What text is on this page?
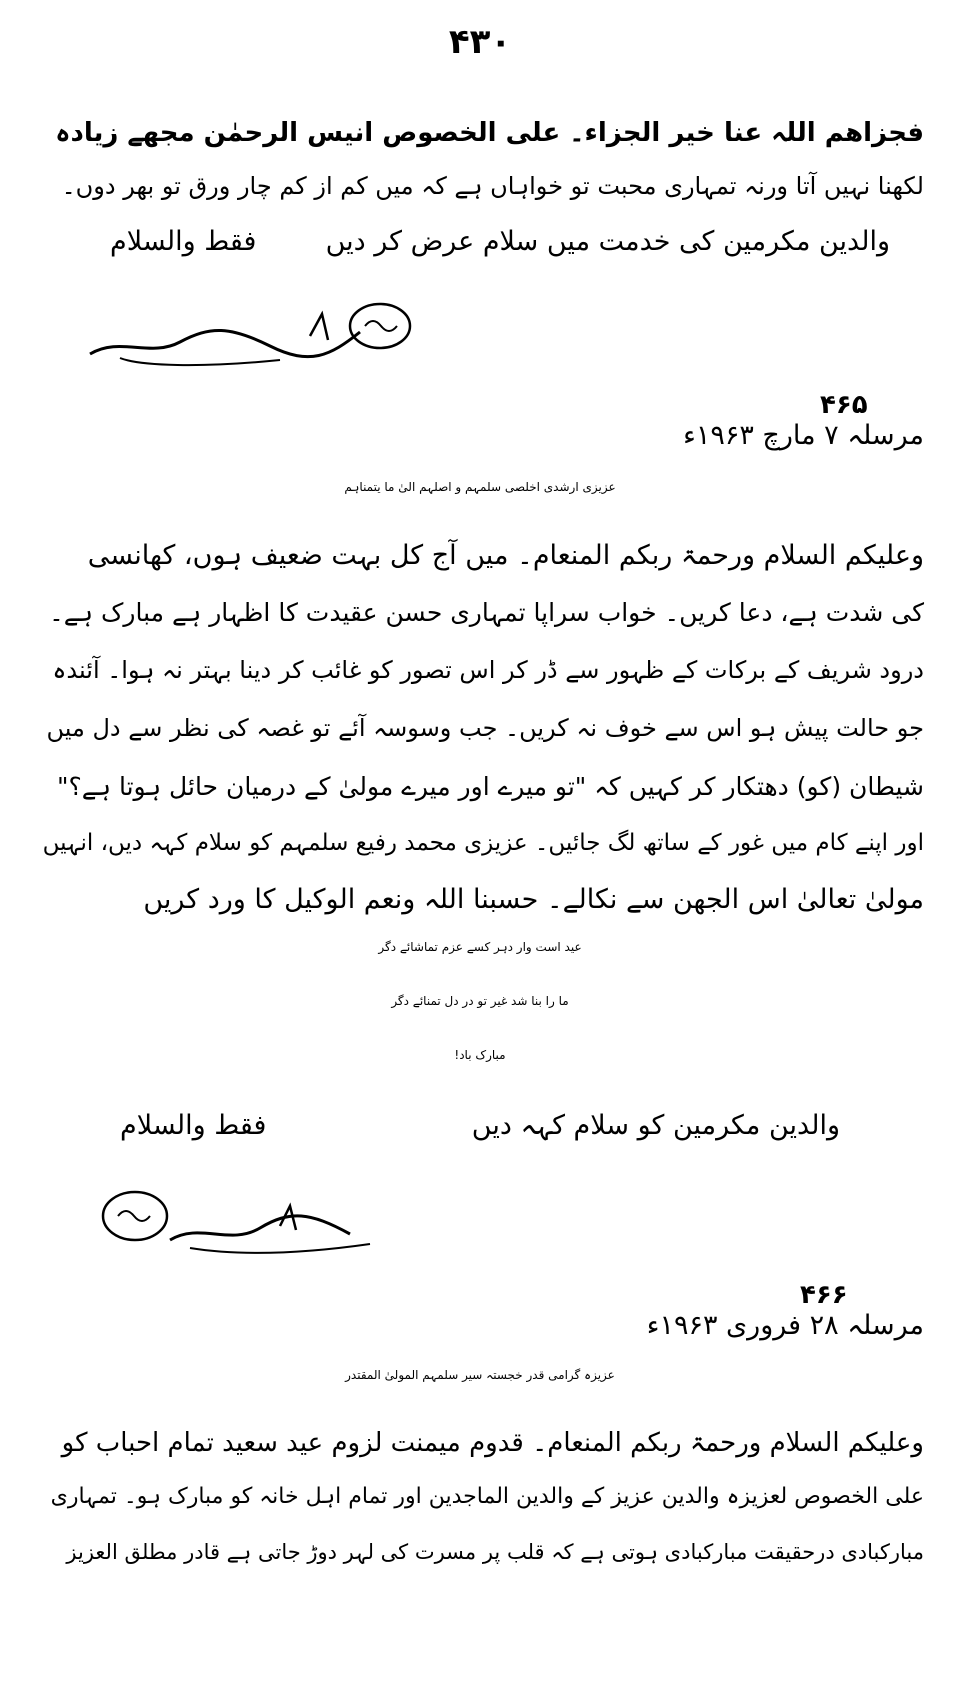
۴۳۰
فجزاھم اللہ عنا خیر الجزاء۔ علی الخصوص انیس الرحمٰن مجھے زیادہ
لکھنا نہیں آتا ورنہ تمہاری محبت تو خواہاں ہے کہ میں کم از کم چار ورق تو بھر دوں۔
والدین مکرمین کی خدمت میں سلام عرض کر دیں
فقط والسلام
۴۶۵
مرسلہ ۷ مارچ ۱۹۶۳ء
عزیزی ارشدی اخلصی سلمہم و اصلہم الیٰ ما یتمناہم
وعلیکم السلام ورحمۃ ربکم المنعام۔ میں آج کل بہت ضعیف ہوں، کھانسی
کی شدت ہے، دعا کریں۔ خواب سراپا تمہاری حسن عقیدت کا اظہار ہے مبارک ہے۔
درود شریف کے برکات کے ظہور سے ڈر کر اس تصور کو غائب کر دینا بہتر نہ ہوا۔ آئندہ
جو حالت پیش ہو اس سے خوف نہ کریں۔ جب وسوسہ آئے تو غصہ کی نظر سے دل میں
شیطان (کو) دھتکار کر کہیں کہ "تو میرے اور میرے مولیٰ کے درمیان حائل ہوتا ہے؟"
اور اپنے کام میں غور کے ساتھ لگ جائیں۔ عزیزی محمد رفیع سلمہم کو سلام کہہ دیں، انہیں
مولیٰ تعالیٰ اس الجھن سے نکالے۔ حسبنا اللہ ونعم الوکیل کا ورد کریں
عید است وار دہر کسے عزم تماشائے دگر
ما را بنا شد غیر تو در دل تمنائے دگر
مبارک باد!
والدین مکرمین کو سلام کہہ دیں
فقط والسلام
۴۶۶
مرسلہ ۲۸ فروری ۱۹۶۳ء
عزیزہ گرامی قدر خجستہ سیر سلمہم المولیٰ المقتدر
وعلیکم السلام ورحمۃ ربکم المنعام۔ قدوم میمنت لزوم عید سعید تمام احباب کو
علی الخصوص لعزیزہ والدین عزیز کے والدین الماجدین اور تمام اہل خانہ کو مبارک ہو۔ تمہاری
مبارکبادی درحقیقت مبارکبادی ہوتی ہے کہ قلب پر مسرت کی لہر دوڑ جاتی ہے قادر مطلق العزیز
